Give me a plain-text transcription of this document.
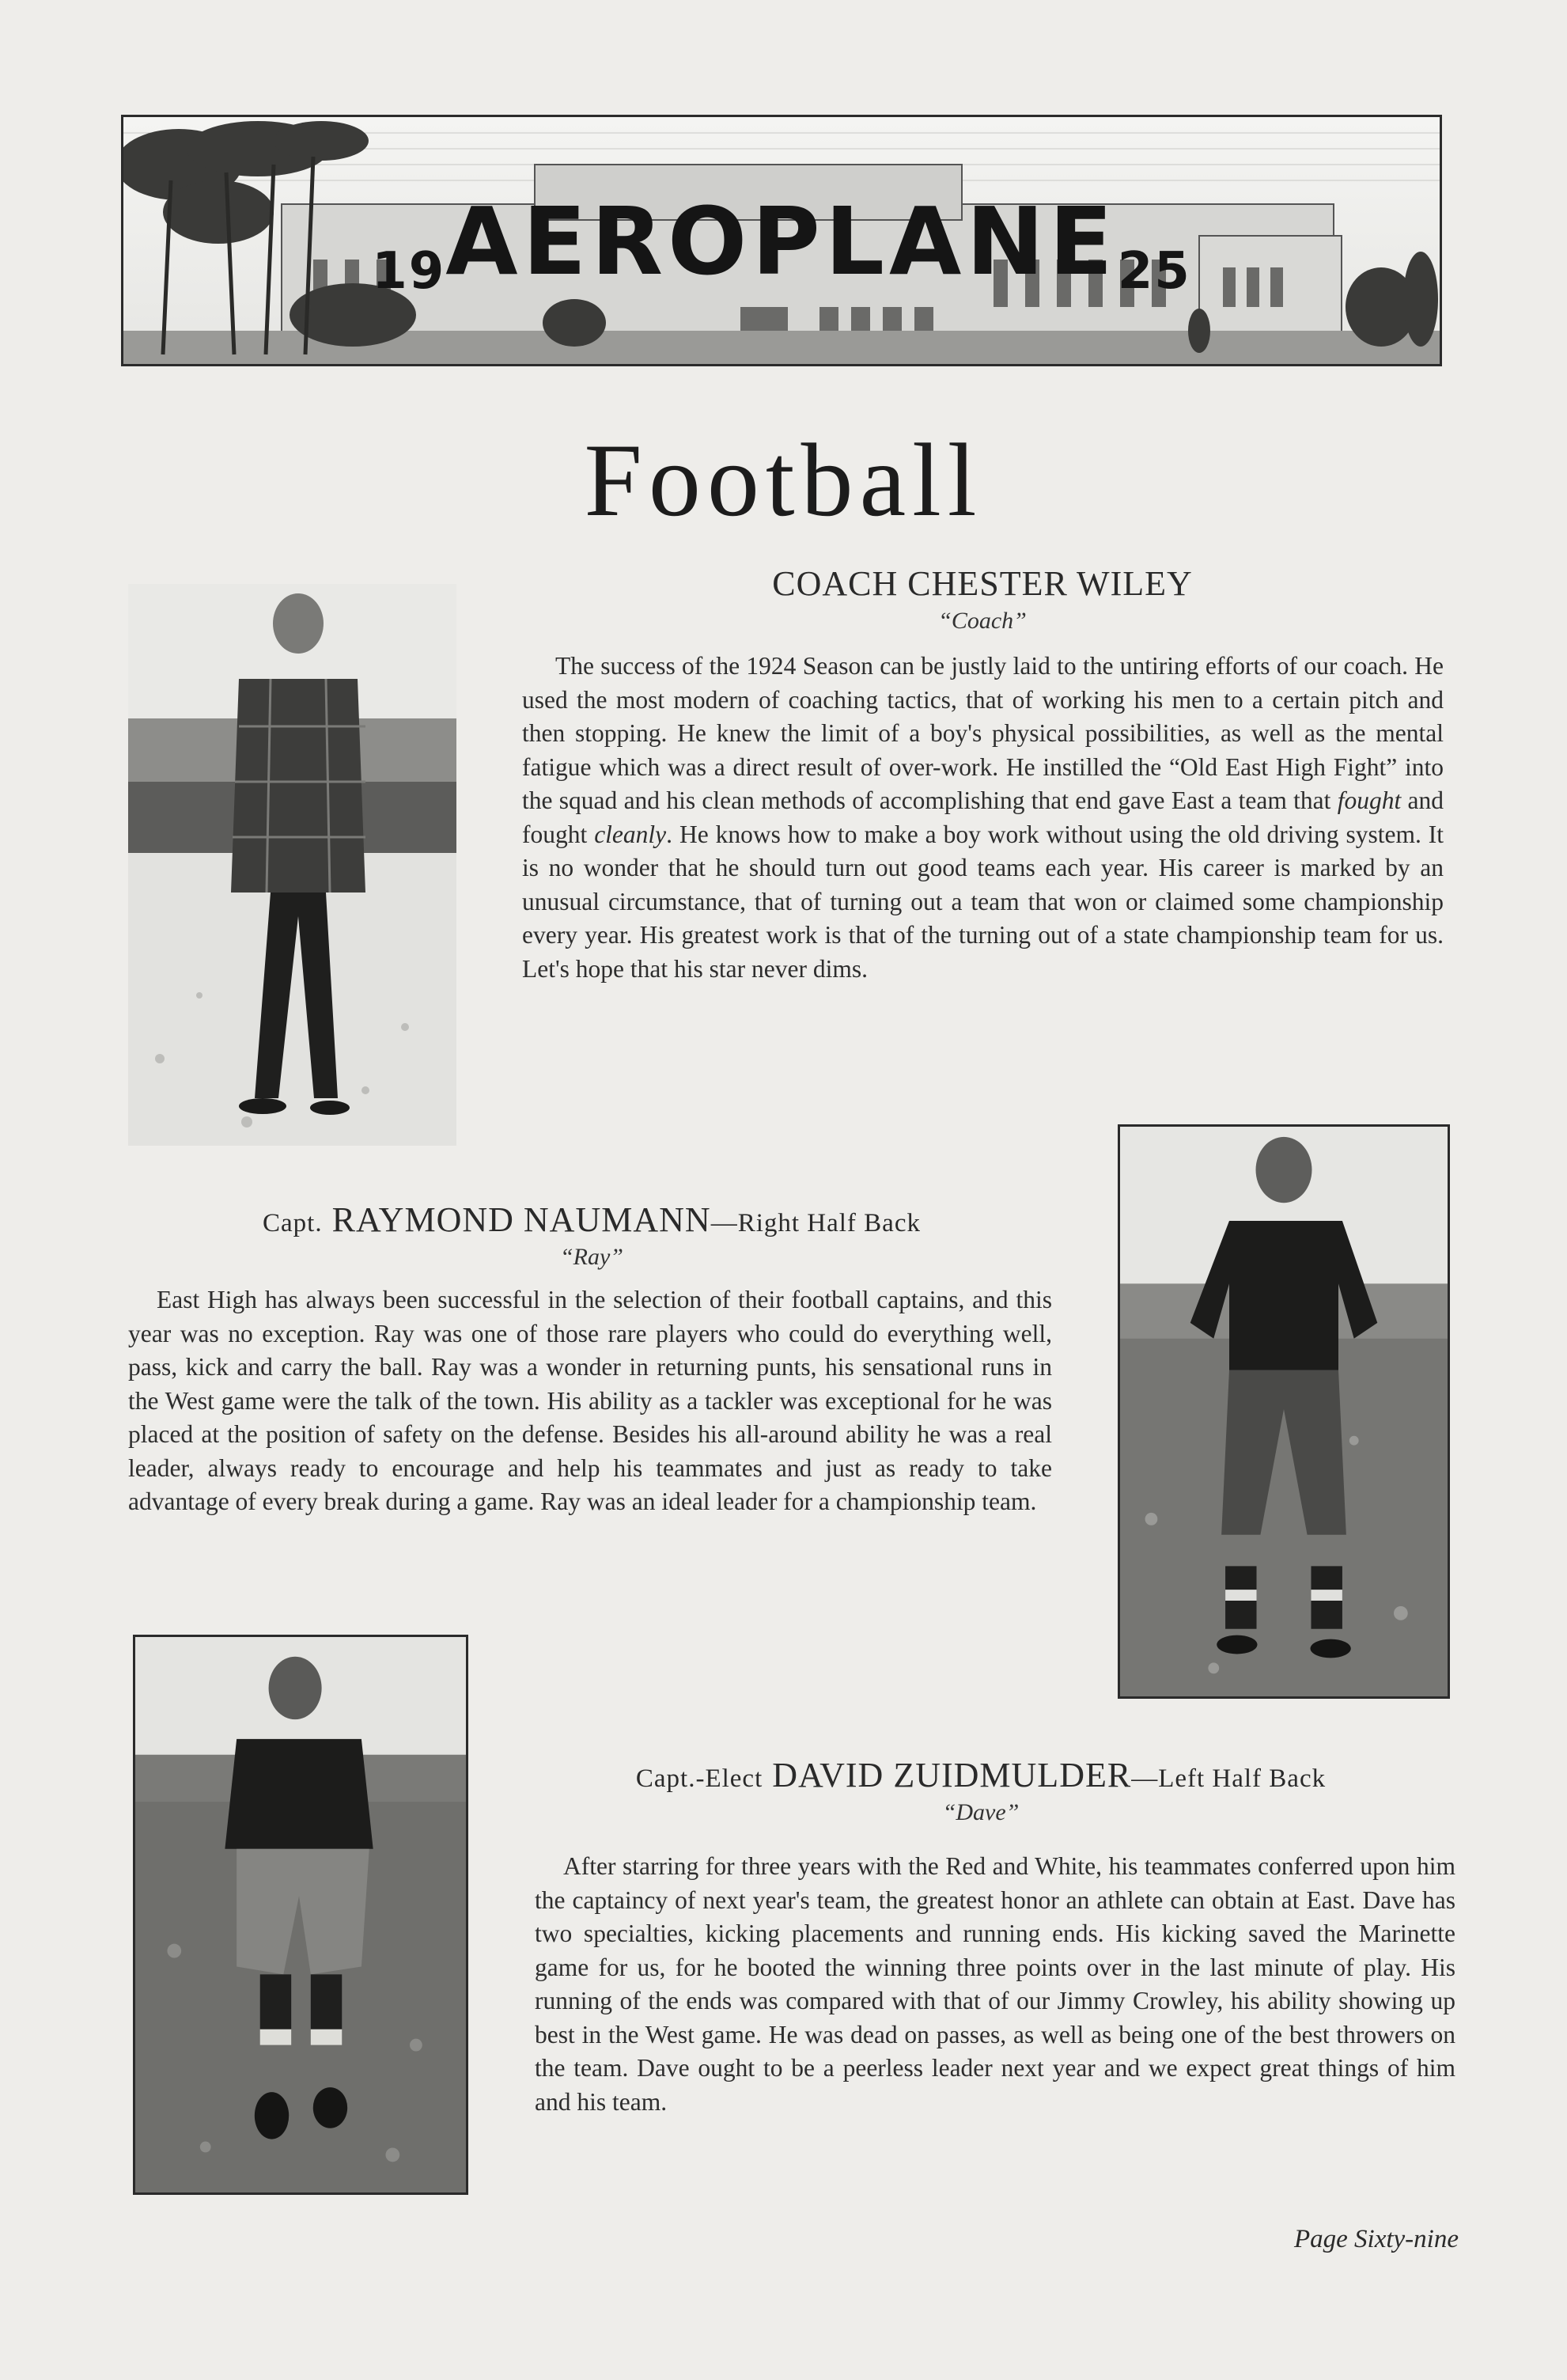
19AEROPLANE25
Football
COACH CHESTER WILEY
“Coach”
The success of the 1924 Season can be justly laid to the untiring efforts of our coach. He used the most modern of coaching tactics, that of working his men to a certain pitch and then stopping. He knew the limit of a boy's physical possibilities, as well as the mental fatigue which was a direct result of over-work. He instilled the “Old East High Fight” into the squad and his clean methods of accomplishing that end gave East a team that fought and fought cleanly. He knows how to make a boy work without using the old driving system. It is no wonder that he should turn out good teams each year. His career is marked by an unusual circumstance, that of turning out a team that won or claimed some championship every year. His greatest work is that of the turning out of a state championship team for us. Let's hope that his star never dims.
Capt. RAYMOND NAUMANN—Right Half Back
“Ray”
East High has always been successful in the selection of their football captains, and this year was no exception. Ray was one of those rare players who could do everything well, pass, kick and carry the ball. Ray was a wonder in returning punts, his sensational runs in the West game were the talk of the town. His ability as a tackler was exceptional for he was placed at the position of safety on the defense. Besides his all-around ability he was a real leader, always ready to encourage and help his teammates and just as ready to take advantage of every break during a game. Ray was an ideal leader for a championship team.
Capt.-Elect DAVID ZUIDMULDER—Left Half Back
“Dave”
After starring for three years with the Red and White, his teammates conferred upon him the captaincy of next year's team, the greatest honor an athlete can obtain at East. Dave has two specialties, kicking placements and running ends. His kicking saved the Marinette game for us, for he booted the winning three points over in the last minute of play. His running of the ends was compared with that of our Jimmy Crowley, his ability showing up best in the West game. He was dead on passes, as well as being one of the best throwers on the team. Dave ought to be a peerless leader next year and we expect great things of him and his team.
Page Sixty-nine
